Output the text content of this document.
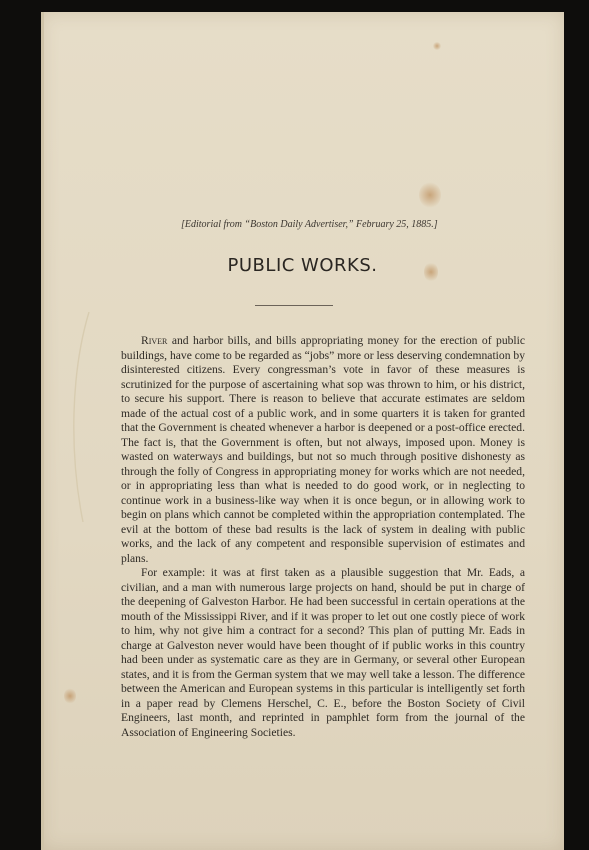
[Editorial from “Boston Daily Advertiser,” February 25, 1885.]
PUBLIC WORKS.

River and harbor bills, and bills appropriating money for the erection of public buildings, have come to be regarded as “jobs” more or less deserving condemnation by disinterested citizens. Every congressman’s vote in favor of these measures is scrutinized for the purpose of ascertaining what sop was thrown to him, or his district, to secure his support. There is reason to believe that accurate estimates are seldom made of the actual cost of a public work, and in some quarters it is taken for granted that the Government is cheated whenever a harbor is deepened or a post-office erected. The fact is, that the Government is often, but not always, imposed upon. Money is wasted on waterways and buildings, but not so much through positive dishonesty as through the folly of Congress in appropriating money for works which are not needed, or in appropriating less than what is needed to do good work, or in neglecting to continue work in a business-like way when it is once begun, or in allowing work to begin on plans which cannot be completed within the appropriation contemplated. The evil at the bottom of these bad results is the lack of system in dealing with public works, and the lack of any competent and responsible supervision of estimates and plans.

For example: it was at first taken as a plausible suggestion that Mr. Eads, a civilian, and a man with numerous large projects on hand, should be put in charge of the deepening of Galveston Harbor. He had been successful in certain operations at the mouth of the Mississippi River, and if it was proper to let out one costly piece of work to him, why not give him a contract for a second? This plan of putting Mr. Eads in charge at Galveston never would have been thought of if public works in this country had been under as systematic care as they are in Germany, or several other European states, and it is from the German system that we may well take a lesson. The difference between the American and European systems in this particular is intelligently set forth in a paper read by Clemens Herschel, C. E., before the Boston Society of Civil Engineers, last month, and reprinted in pamphlet form from the journal of the Association of Engineering Societies.
